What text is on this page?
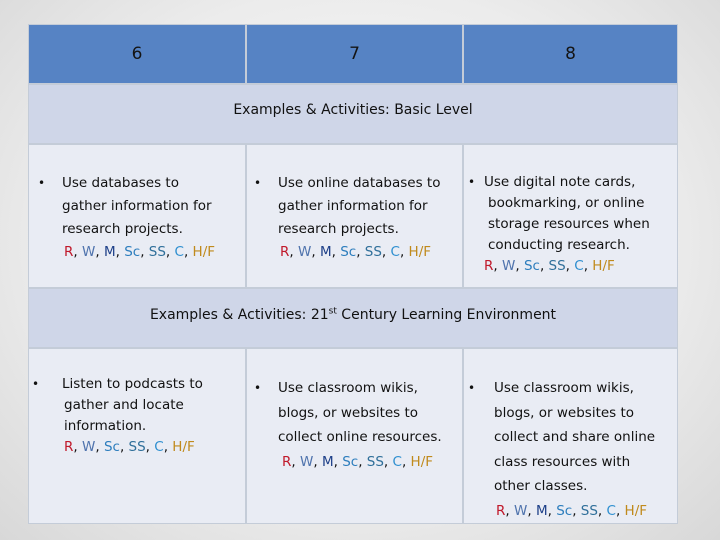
6	7	8
Examples & Activities: Basic Level
Examples & Activities: 21st Century Learning Environment
• Use databases to
gather information for
research projects.
R, W, M, Sc, SS, C, H/F
• Use online databases to
gather information for
research projects.
R, W, M, Sc, SS, C, H/F
• Use digital note cards,
bookmarking, or online
storage resources when
conducting research.
R, W, Sc, SS, C, H/F
• Listen to podcasts to
gather and locate
information.
R, W, Sc, SS, C, H/F
• Use classroom wikis,
blogs, or websites to
collect online resources.
R, W, M, Sc, SS, C, H/F
• Use classroom wikis,
blogs, or websites to
collect and share online
class resources with
other classes.
R, W, M, Sc, SS, C, H/F
